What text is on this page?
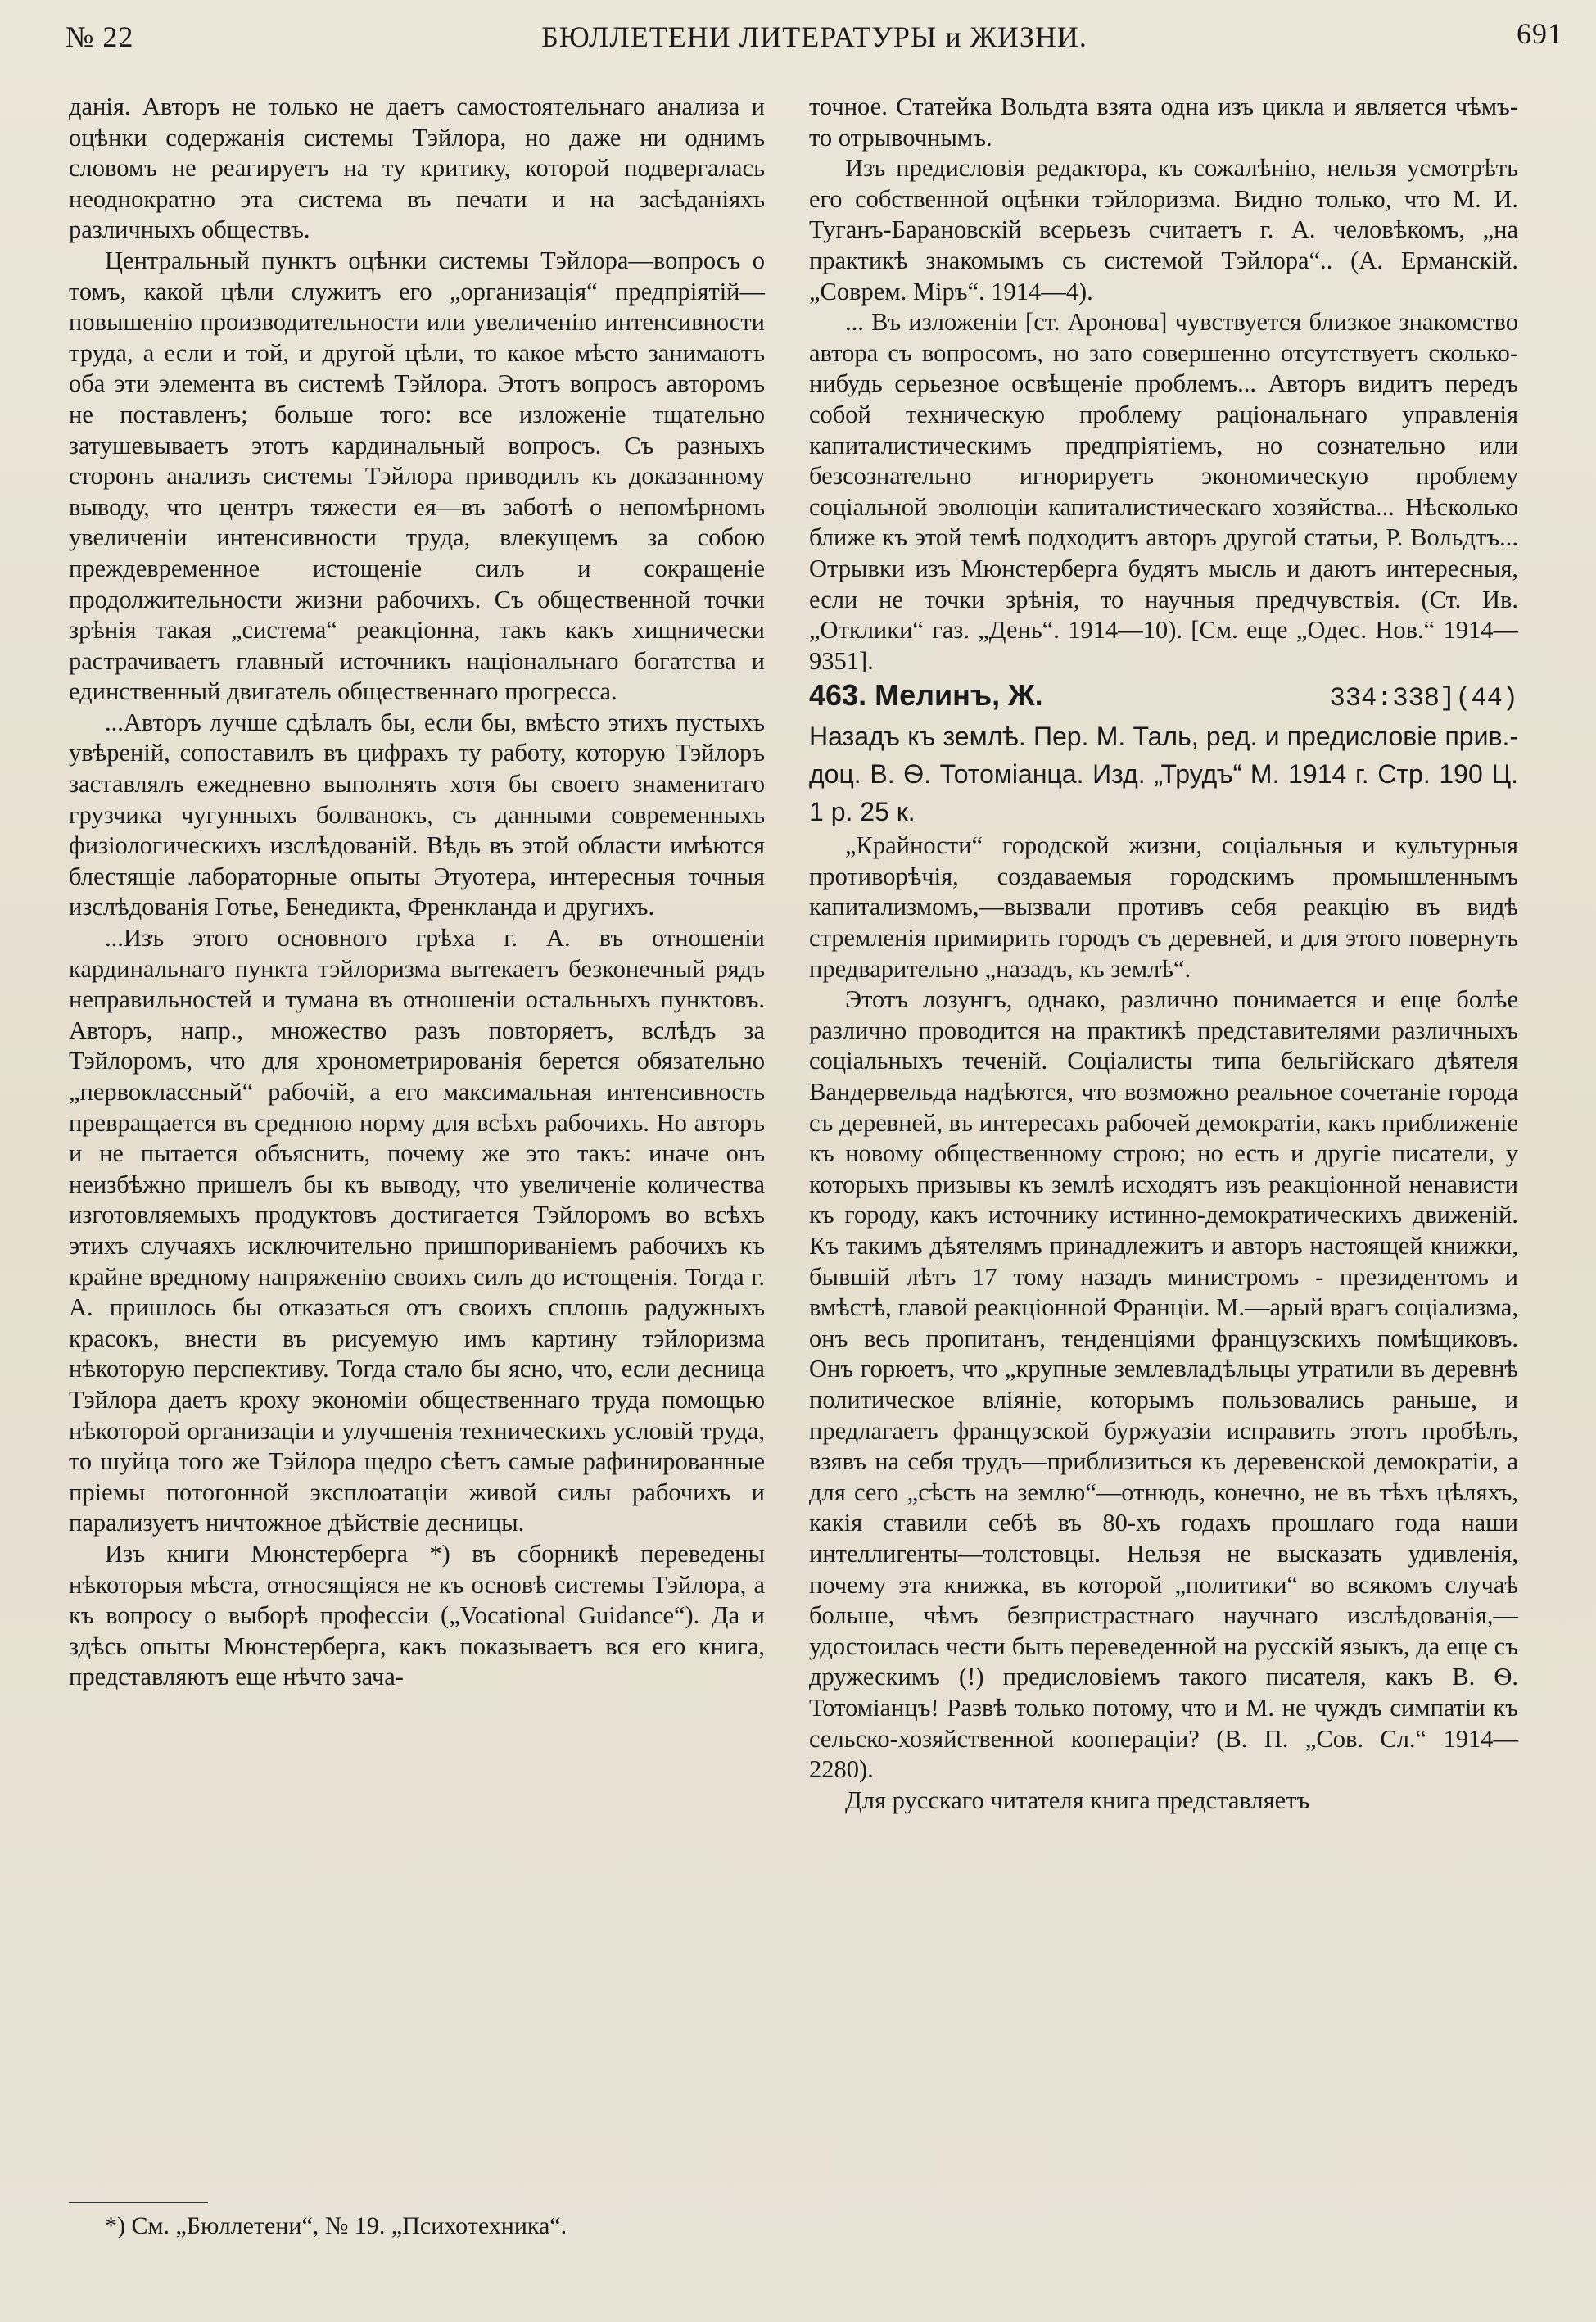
№ 22	БЮЛЛЕТЕНИ ЛИТЕРАТУРЫ и ЖИЗНИ.	691

данія. Авторъ не только не даетъ самостоятельнаго анализа и оцѣнки содержанія системы Тэйлора, но даже ни однимъ словомъ не реагируетъ на ту критику, которой подвергалась неоднократно эта система въ печати и на засѣданіяхъ различныхъ обществъ.

Центральный пунктъ оцѣнки системы Тэйлора—вопросъ о томъ, какой цѣли служитъ его „организація“ предпріятій—повышенію производительности или увеличенію интенсивности труда, а если и той, и другой цѣли, то какое мѣсто занимаютъ оба эти элемента въ системѣ Тэйлора. Этотъ вопросъ авторомъ не поставленъ; больше того: все изложеніе тщательно затушевываетъ этотъ кардинальный вопросъ. Съ разныхъ сторонъ анализъ системы Тэйлора приводилъ къ доказанному выводу, что центръ тяжести ея—въ заботѣ о непомѣрномъ увеличеніи интенсивности труда, влекущемъ за собою преждевременное истощеніе силъ и сокращеніе продолжительности жизни рабочихъ. Съ общественной точки зрѣнія такая „система“ реакціонна, такъ какъ хищнически растрачиваетъ главный источникъ національнаго богатства и единственный двигатель общественнаго прогресса.

...Авторъ лучше сдѣлалъ бы, если бы, вмѣсто этихъ пустыхъ увѣреній, сопоставилъ въ цифрахъ ту работу, которую Тэйлоръ заставлялъ ежедневно выполнять хотя бы своего знаменитаго грузчика чугунныхъ болванокъ, съ данными современныхъ физіологическихъ изслѣдованій. Вѣдь въ этой области имѣются блестящіе лабораторные опыты Этуотера, интересныя точныя изслѣдованія Готье, Бенедикта, Френкланда и другихъ.

...Изъ этого основного грѣха г. А. въ отношеніи кардинальнаго пункта тэйлоризма вытекаетъ безконечный рядъ неправильностей и тумана въ отношеніи остальныхъ пунктовъ. Авторъ, напр., множество разъ повторяетъ, вслѣдъ за Тэйлоромъ, что для хронометрированія берется обязательно „первоклассный“ рабочій, а его максимальная интенсивность превращается въ среднюю норму для всѣхъ рабочихъ. Но авторъ и не пытается объяснить, почему же это такъ: иначе онъ неизбѣжно пришелъ бы къ выводу, что увеличеніе количества изготовляемыхъ продуктовъ достигается Тэйлоромъ во всѣхъ этихъ случаяхъ исключительно пришпориваніемъ рабочихъ къ крайне вредному напряженію своихъ силъ до истощенія. Тогда г. А. пришлось бы отказаться отъ своихъ сплошь радужныхъ красокъ, внести въ рисуемую имъ картину тэйлоризма нѣкоторую перспективу. Тогда стало бы ясно, что, если десница Тэйлора даетъ кроху экономіи общественнаго труда помощью нѣкоторой организаціи и улучшенія техническихъ условій труда, то шуйца того же Тэйлора щедро сѣетъ самые рафинированные пріемы потогонной эксплоатаціи живой силы рабочихъ и парализуетъ ничтожное дѣйствіе десницы.

Изъ книги Мюнстерберга *) въ сборникѣ переведены нѣкоторыя мѣста, относящіяся не къ основѣ системы Тэйлора, а къ вопросу о выборѣ профессіи („Vocational Guidance“). Да и здѣсь опыты Мюнстерберга, какъ показываетъ вся его книга, представляютъ еще нѣчто зача-

*) См. „Бюллетени“, № 19. „Психотехника“.

точное. Статейка Вольдта взята одна изъ цикла и является чѣмъ-то отрывочнымъ.

Изъ предисловія редактора, къ сожалѣнію, нельзя усмотрѣть его собственной оцѣнки тэйлоризма. Видно только, что М. И. Туганъ-Барановскій всерьезъ считаетъ г. А. человѣкомъ, „на практикѣ знакомымъ съ системой Тэйлора“.. (А. Ерманскій. „Соврем. Міръ“. 1914—4).

... Въ изложеніи [ст. Аронова] чувствуется близкое знакомство автора съ вопросомъ, но зато совершенно отсутствуетъ сколько-нибудь серьезное освѣщеніе проблемъ... Авторъ видитъ передъ собой техническую проблему раціональнаго управленія капиталистическимъ предпріятіемъ, но сознательно или безсознательно игнорируетъ экономическую проблему соціальной эволюціи капиталистическаго хозяйства... Нѣсколько ближе къ этой темѣ подходитъ авторъ другой статьи, Р. Вольдтъ... Отрывки изъ Мюнстерберга будятъ мысль и даютъ интересныя, если не точки зрѣнія, то научныя предчувствія. (Ст. Ив. „Отклики“ газ. „День“. 1914—10). [См. еще „Одес. Нов.“ 1914—9351].

463. Мелинъ, Ж.	334:338](44)

Назадъ къ землѣ. Пер. М. Таль, ред. и предисловіе прив.-доц. В. Ѳ. Тотоміанца. Изд. „Трудъ“ М. 1914 г. Стр. 190 Ц. 1 р. 25 к.

„Крайности“ городской жизни, соціальныя и культурныя противорѣчія, создаваемыя городскимъ промышленнымъ капитализмомъ,—вызвали противъ себя реакцію въ видѣ стремленія примирить городъ съ деревней, и для этого повернуть предварительно „назадъ, къ землѣ“.

Этотъ лозунгъ, однако, различно понимается и еще болѣе различно проводится на практикѣ представителями различныхъ соціальныхъ теченій. Соціалисты типа бельгійскаго дѣятеля Вандервельда надѣются, что возможно реальное сочетаніе города съ деревней, въ интересахъ рабочей демократіи, какъ приближеніе къ новому общественному строю; но есть и другіе писатели, у которыхъ призывы къ землѣ исходятъ изъ реакціонной ненависти къ городу, какъ источнику истинно-демократическихъ движеній. Къ такимъ дѣятелямъ принадлежитъ и авторъ настоящей книжки, бывшій лѣтъ 17 тому назадъ министромъ - президентомъ и вмѣстѣ, главой реакціонной Франціи. М.—арый врагъ соціализма, онъ весь пропитанъ, тенденціями французскихъ помѣщиковъ. Онъ горюетъ, что „крупные землевладѣльцы утратили въ деревнѣ политическое вліяніе, которымъ пользовались раньше, и предлагаетъ французской буржуазіи исправить этотъ пробѣлъ, взявъ на себя трудъ—приблизиться къ деревенской демократіи, а для сего „сѣсть на землю“—отнюдь, конечно, не въ тѣхъ цѣляхъ, какія ставили себѣ въ 80-хъ годахъ прошлаго года наши интеллигенты—толстовцы. Нельзя не высказать удивленія, почему эта книжка, въ которой „политики“ во всякомъ случаѣ больше, чѣмъ безпристрастнаго научнаго изслѣдованія,—удостоилась чести быть переведенной на русскій языкъ, да еще съ дружескимъ (!) предисловіемъ такого писателя, какъ В. Ѳ. Тотоміанцъ! Развѣ только потому, что и М. не чуждъ симпатіи къ сельско-хозяйственной коопераціи? (В. П. „Сов. Сл.“ 1914—2280).

Для русскаго читателя книга представляетъ
